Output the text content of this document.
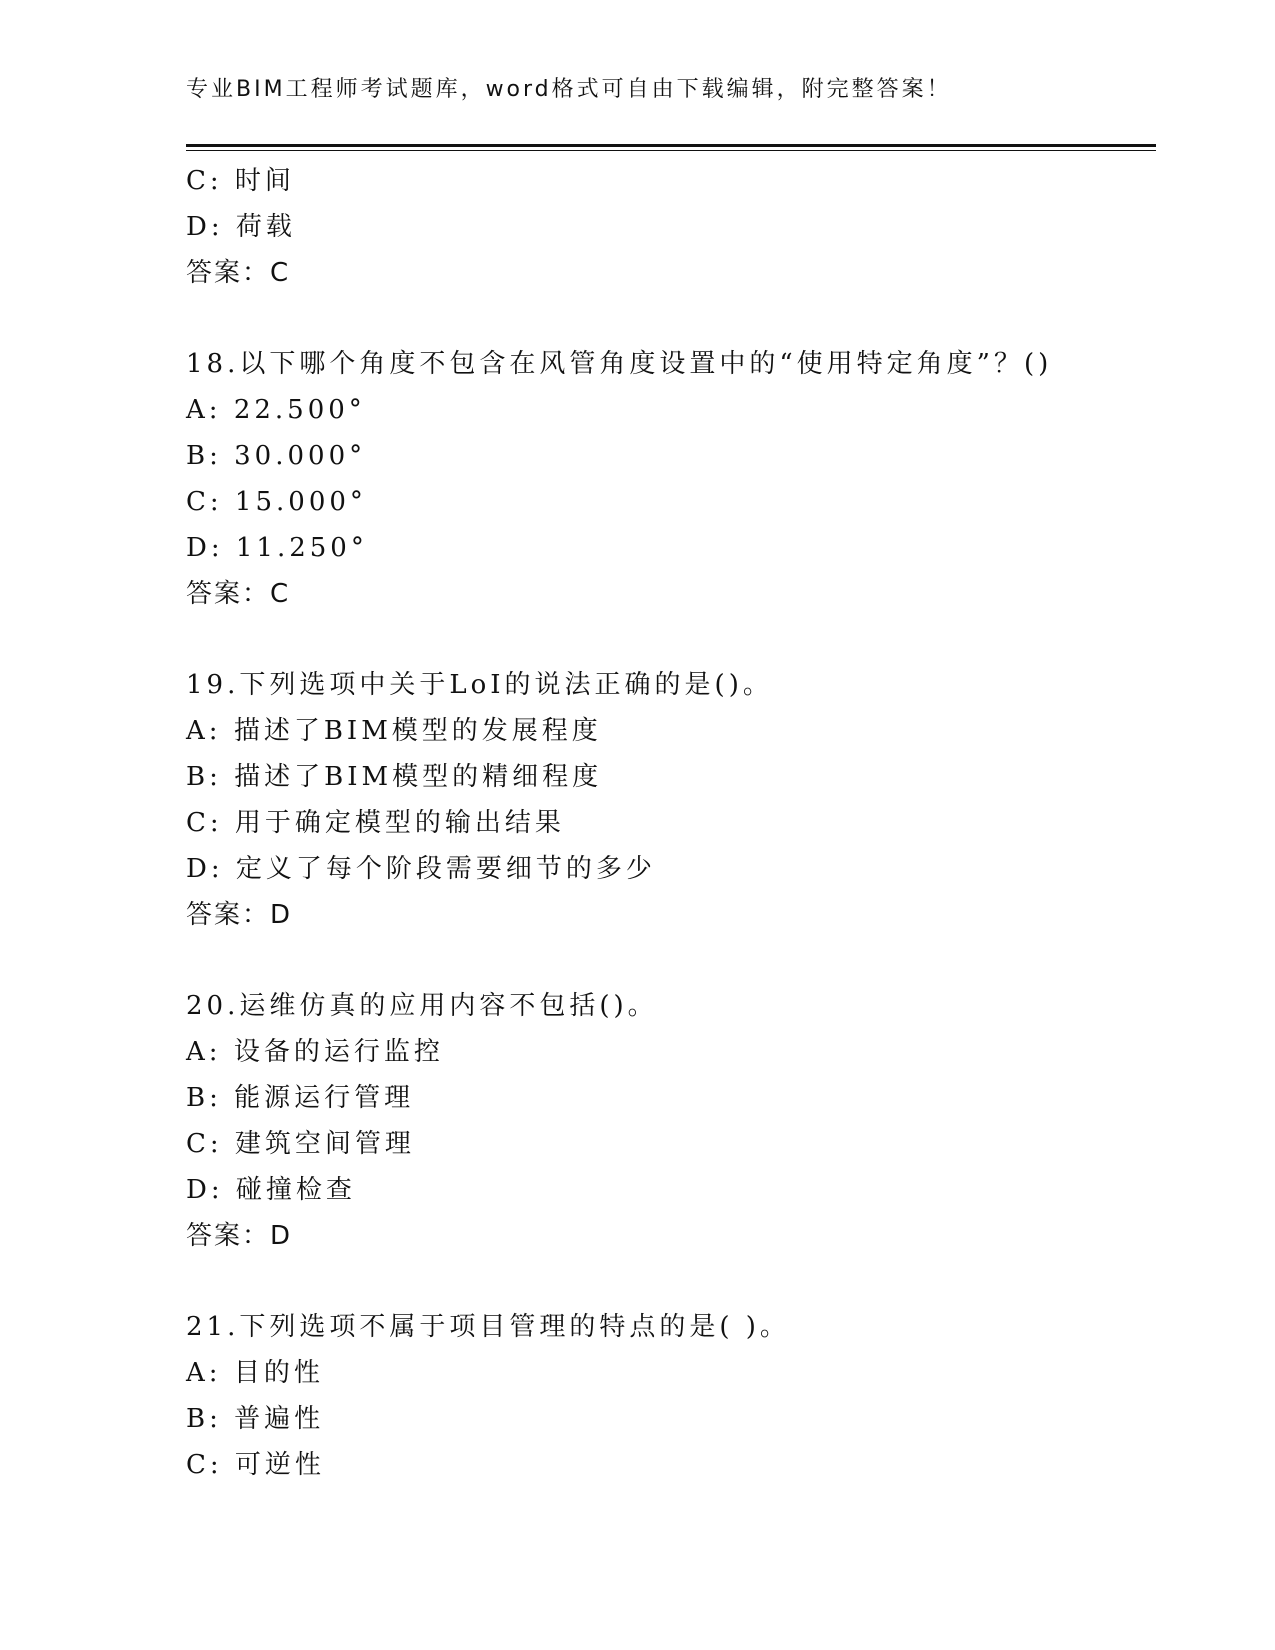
专业BIM工程师考试题库，word格式可自由下载编辑，附完整答案！
C: 时间
D: 荷载
答案：C
18.以下哪个角度不包含在风管角度设置中的“使用特定角度”？()
A: 22.500°
B: 30.000°
C: 15.000°
D: 11.250°
答案：C
19.下列选项中关于LoI的说法正确的是()。
A: 描述了BIM模型的发展程度
B: 描述了BIM模型的精细程度
C: 用于确定模型的输出结果
D: 定义了每个阶段需要细节的多少
答案：D
20.运维仿真的应用内容不包括()。
A: 设备的运行监控
B: 能源运行管理
C: 建筑空间管理
D: 碰撞检查
答案：D
21.下列选项不属于项目管理的特点的是( )。
A: 目的性
B: 普遍性
C: 可逆性
